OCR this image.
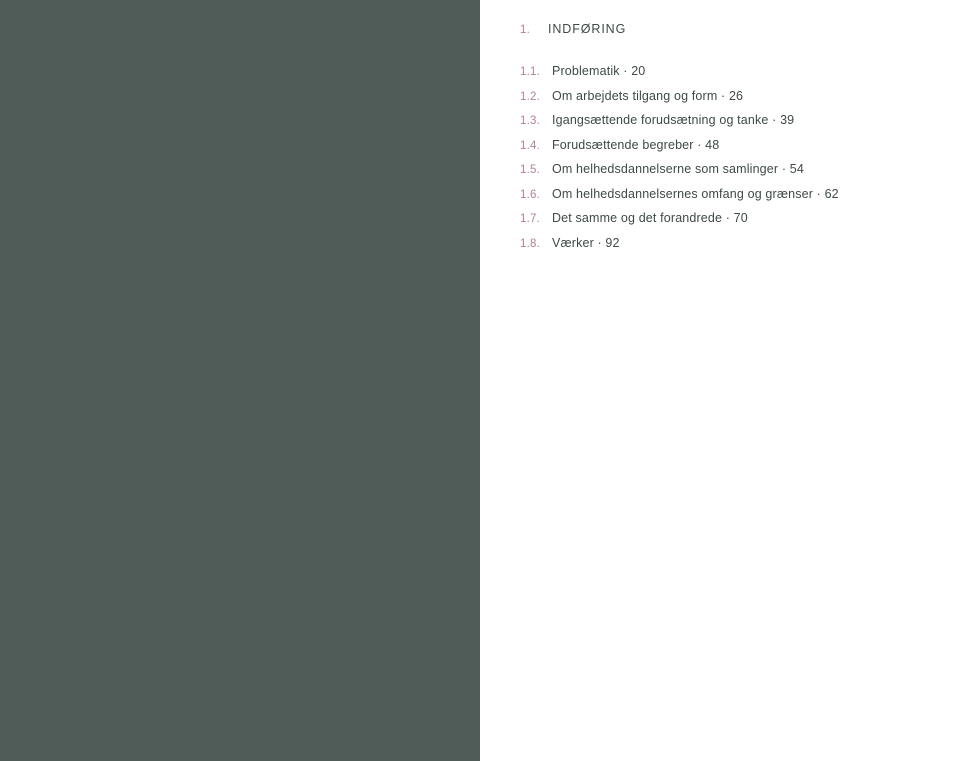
1.	INDFØRING
1.1. Problematik · 20
1.2. Om arbejdets tilgang og form · 26
1.3. Igangsættende forudsætning og tanke · 39
1.4. Forudsættende begreber · 48
1.5. Om helhedsdannelserne som samlinger · 54
1.6. Om helhedsdannelsernes omfang og grænser · 62
1.7. Det samme og det forandrede · 70
1.8. Værker · 92
